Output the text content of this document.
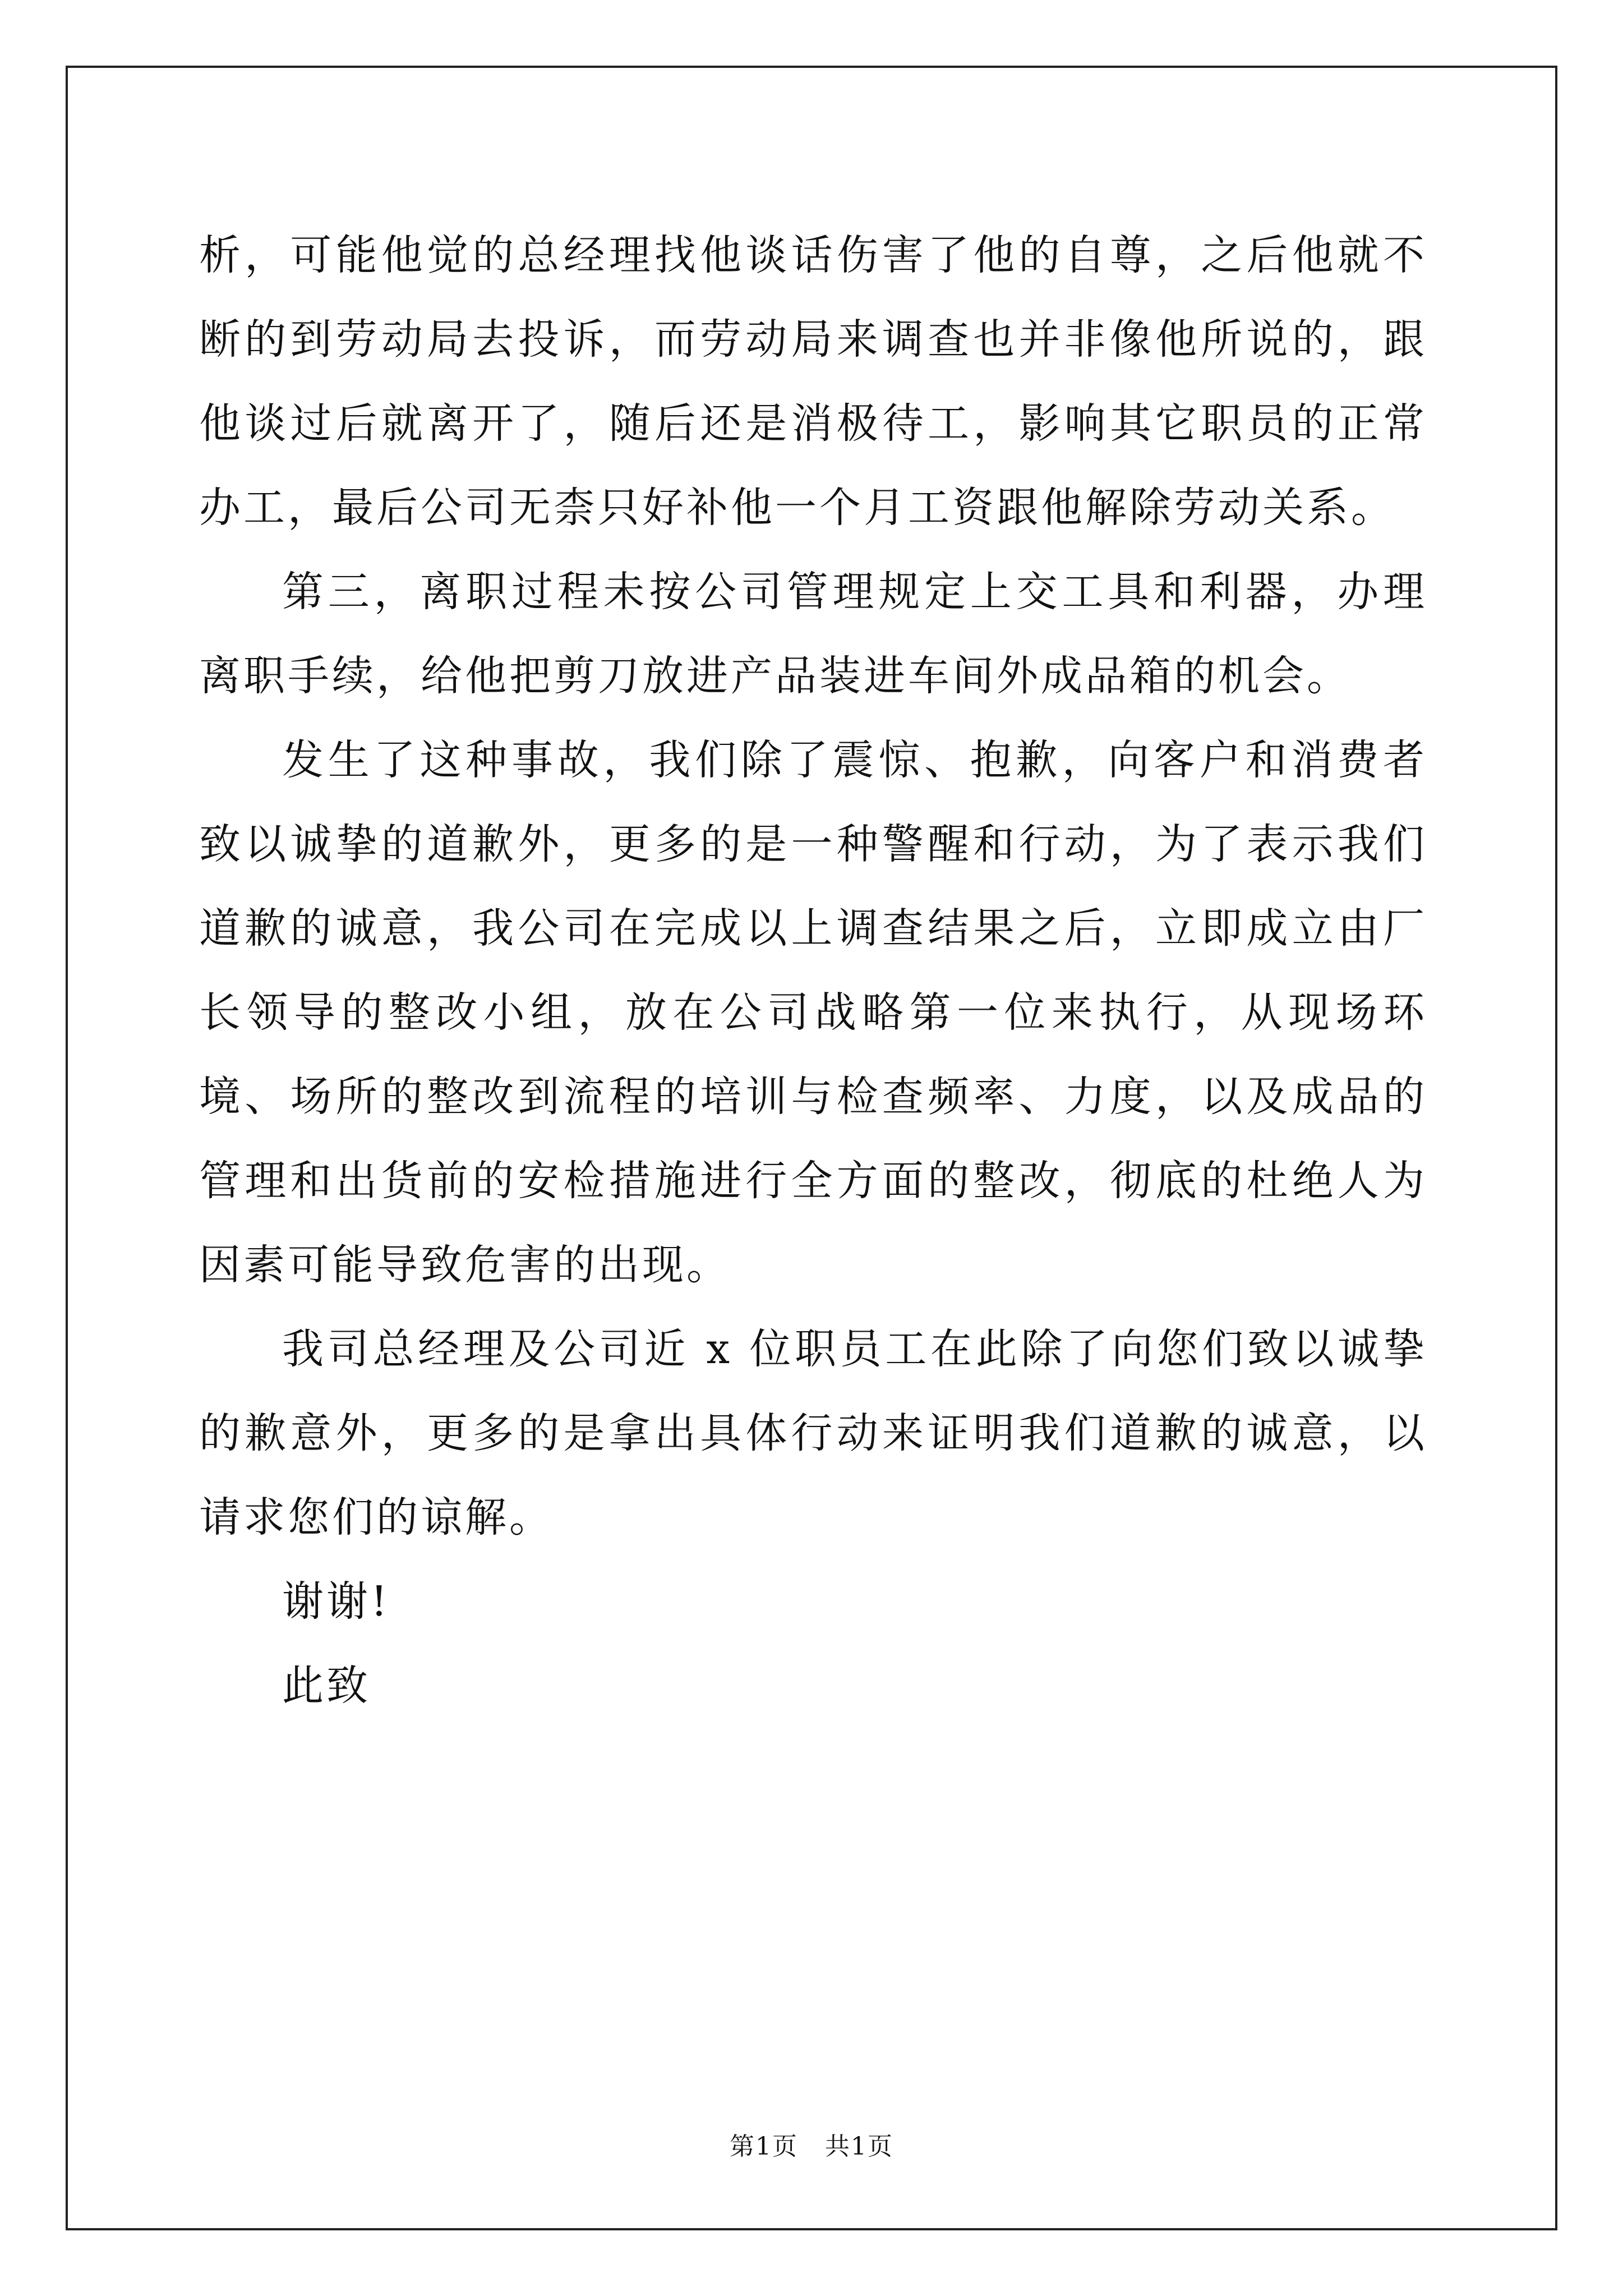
析，可能他觉的总经理找他谈话伤害了他的自尊，之后他就不断的到劳动局去投诉，而劳动局来调查也并非像他所说的，跟他谈过后就离开了，随后还是消极待工，影响其它职员的正常办工，最后公司无柰只好补他一个月工资跟他解除劳动关系。

第三，离职过程未按公司管理规定上交工具和利器，办理离职手续，给他把剪刀放进产品装进车间外成品箱的机会。

发生了这种事故，我们除了震惊、抱歉，向客户和消费者致以诚挚的道歉外，更多的是一种警醒和行动，为了表示我们道歉的诚意，我公司在完成以上调查结果之后，立即成立由厂长领导的整改小组，放在公司战略第一位来执行，从现场环境、场所的整改到流程的培训与检查频率、力度，以及成品的管理和出货前的安检措施进行全方面的整改，彻底的杜绝人为因素可能导致危害的出现。

我司总经理及公司近 x 位职员工在此除了向您们致以诚挚的歉意外，更多的是拿出具体行动来证明我们道歉的诚意，以请求您们的谅解。

谢谢!

此致

第1页   共1页
